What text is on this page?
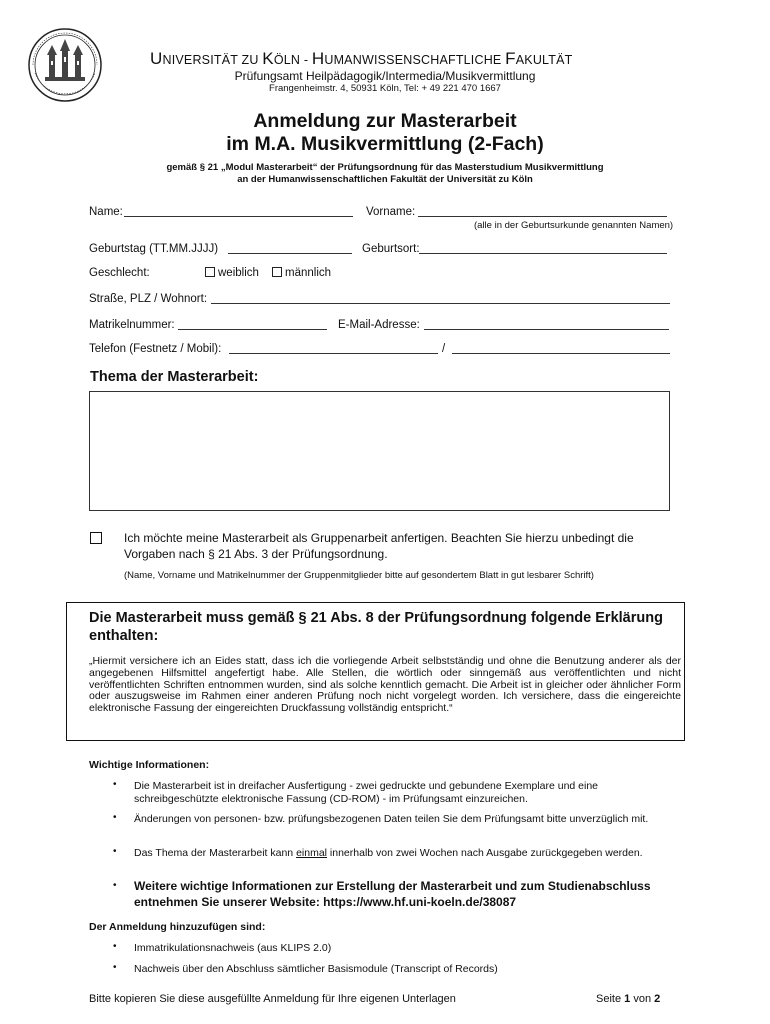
UNIVERSITÄT ZU KÖLN - HUMANWISSENSCHAFTLICHE FAKULTÄT
Prüfungsamt Heilpädagogik/Intermedia/Musikvermittlung
Frangenheimstr. 4, 50931 Köln, Tel: + 49 221 470 1667
Anmeldung zur Masterarbeit
im M.A. Musikvermittlung (2-Fach)
gemäß § 21 „Modul Masterarbeit“ der Prüfungsordnung für das Masterstudium Musikvermittlung
an der Humanwissenschaftlichen Fakultät der Universität zu Köln
Name:	Vorname:
(alle in der Geburtsurkunde genannten Namen)
Geburtstag (TT.MM.JJJJ)	Geburtsort:
Geschlecht:	weiblich	männlich
Straße, PLZ / Wohnort:
Matrikelnummer:	E-Mail-Adresse:
Telefon (Festnetz / Mobil):	/
Thema der Masterarbeit:
Ich möchte meine Masterarbeit als Gruppenarbeit anfertigen. Beachten Sie hierzu unbedingt die Vorgaben nach § 21 Abs. 3 der Prüfungsordnung.
(Name, Vorname und Matrikelnummer der Gruppenmitglieder bitte auf gesondertem Blatt in gut lesbarer Schrift)
Die Masterarbeit muss gemäß § 21 Abs. 8 der Prüfungsordnung folgende Erklärung enthalten:
„Hiermit versichere ich an Eides statt, dass ich die vorliegende Arbeit selbstständig und ohne die Benutzung anderer als der angegebenen Hilfsmittel angefertigt habe. Alle Stellen, die wörtlich oder sinngemäß aus veröffentlichten und nicht veröffentlichten Schriften entnommen wurden, sind als solche kenntlich gemacht. Die Arbeit ist in gleicher oder ähnlicher Form oder auszugsweise im Rahmen einer anderen Prüfung noch nicht vorgelegt worden. Ich versichere, dass die eingereichte elektronische Fassung der eingereichten Druckfassung vollständig entspricht.“
Wichtige Informationen:
• Die Masterarbeit ist in dreifacher Ausfertigung - zwei gedruckte und gebundene Exemplare und eine schreibgeschützte elektronische Fassung (CD-ROM) - im Prüfungsamt einzureichen.
• Änderungen von personen- bzw. prüfungsbezogenen Daten teilen Sie dem Prüfungsamt bitte unverzüglich mit.
• Das Thema der Masterarbeit kann einmal innerhalb von zwei Wochen nach Ausgabe zurückgegeben werden.
• Weitere wichtige Informationen zur Erstellung der Masterarbeit und zum Studienabschluss entnehmen Sie unserer Website: https://www.hf.uni-koeln.de/38087
Der Anmeldung hinzuzufügen sind:
• Immatrikulationsnachweis (aus KLIPS 2.0)
• Nachweis über den Abschluss sämtlicher Basismodule (Transcript of Records)
Bitte kopieren Sie diese ausgefüllte Anmeldung für Ihre eigenen Unterlagen	Seite 1 von 2
